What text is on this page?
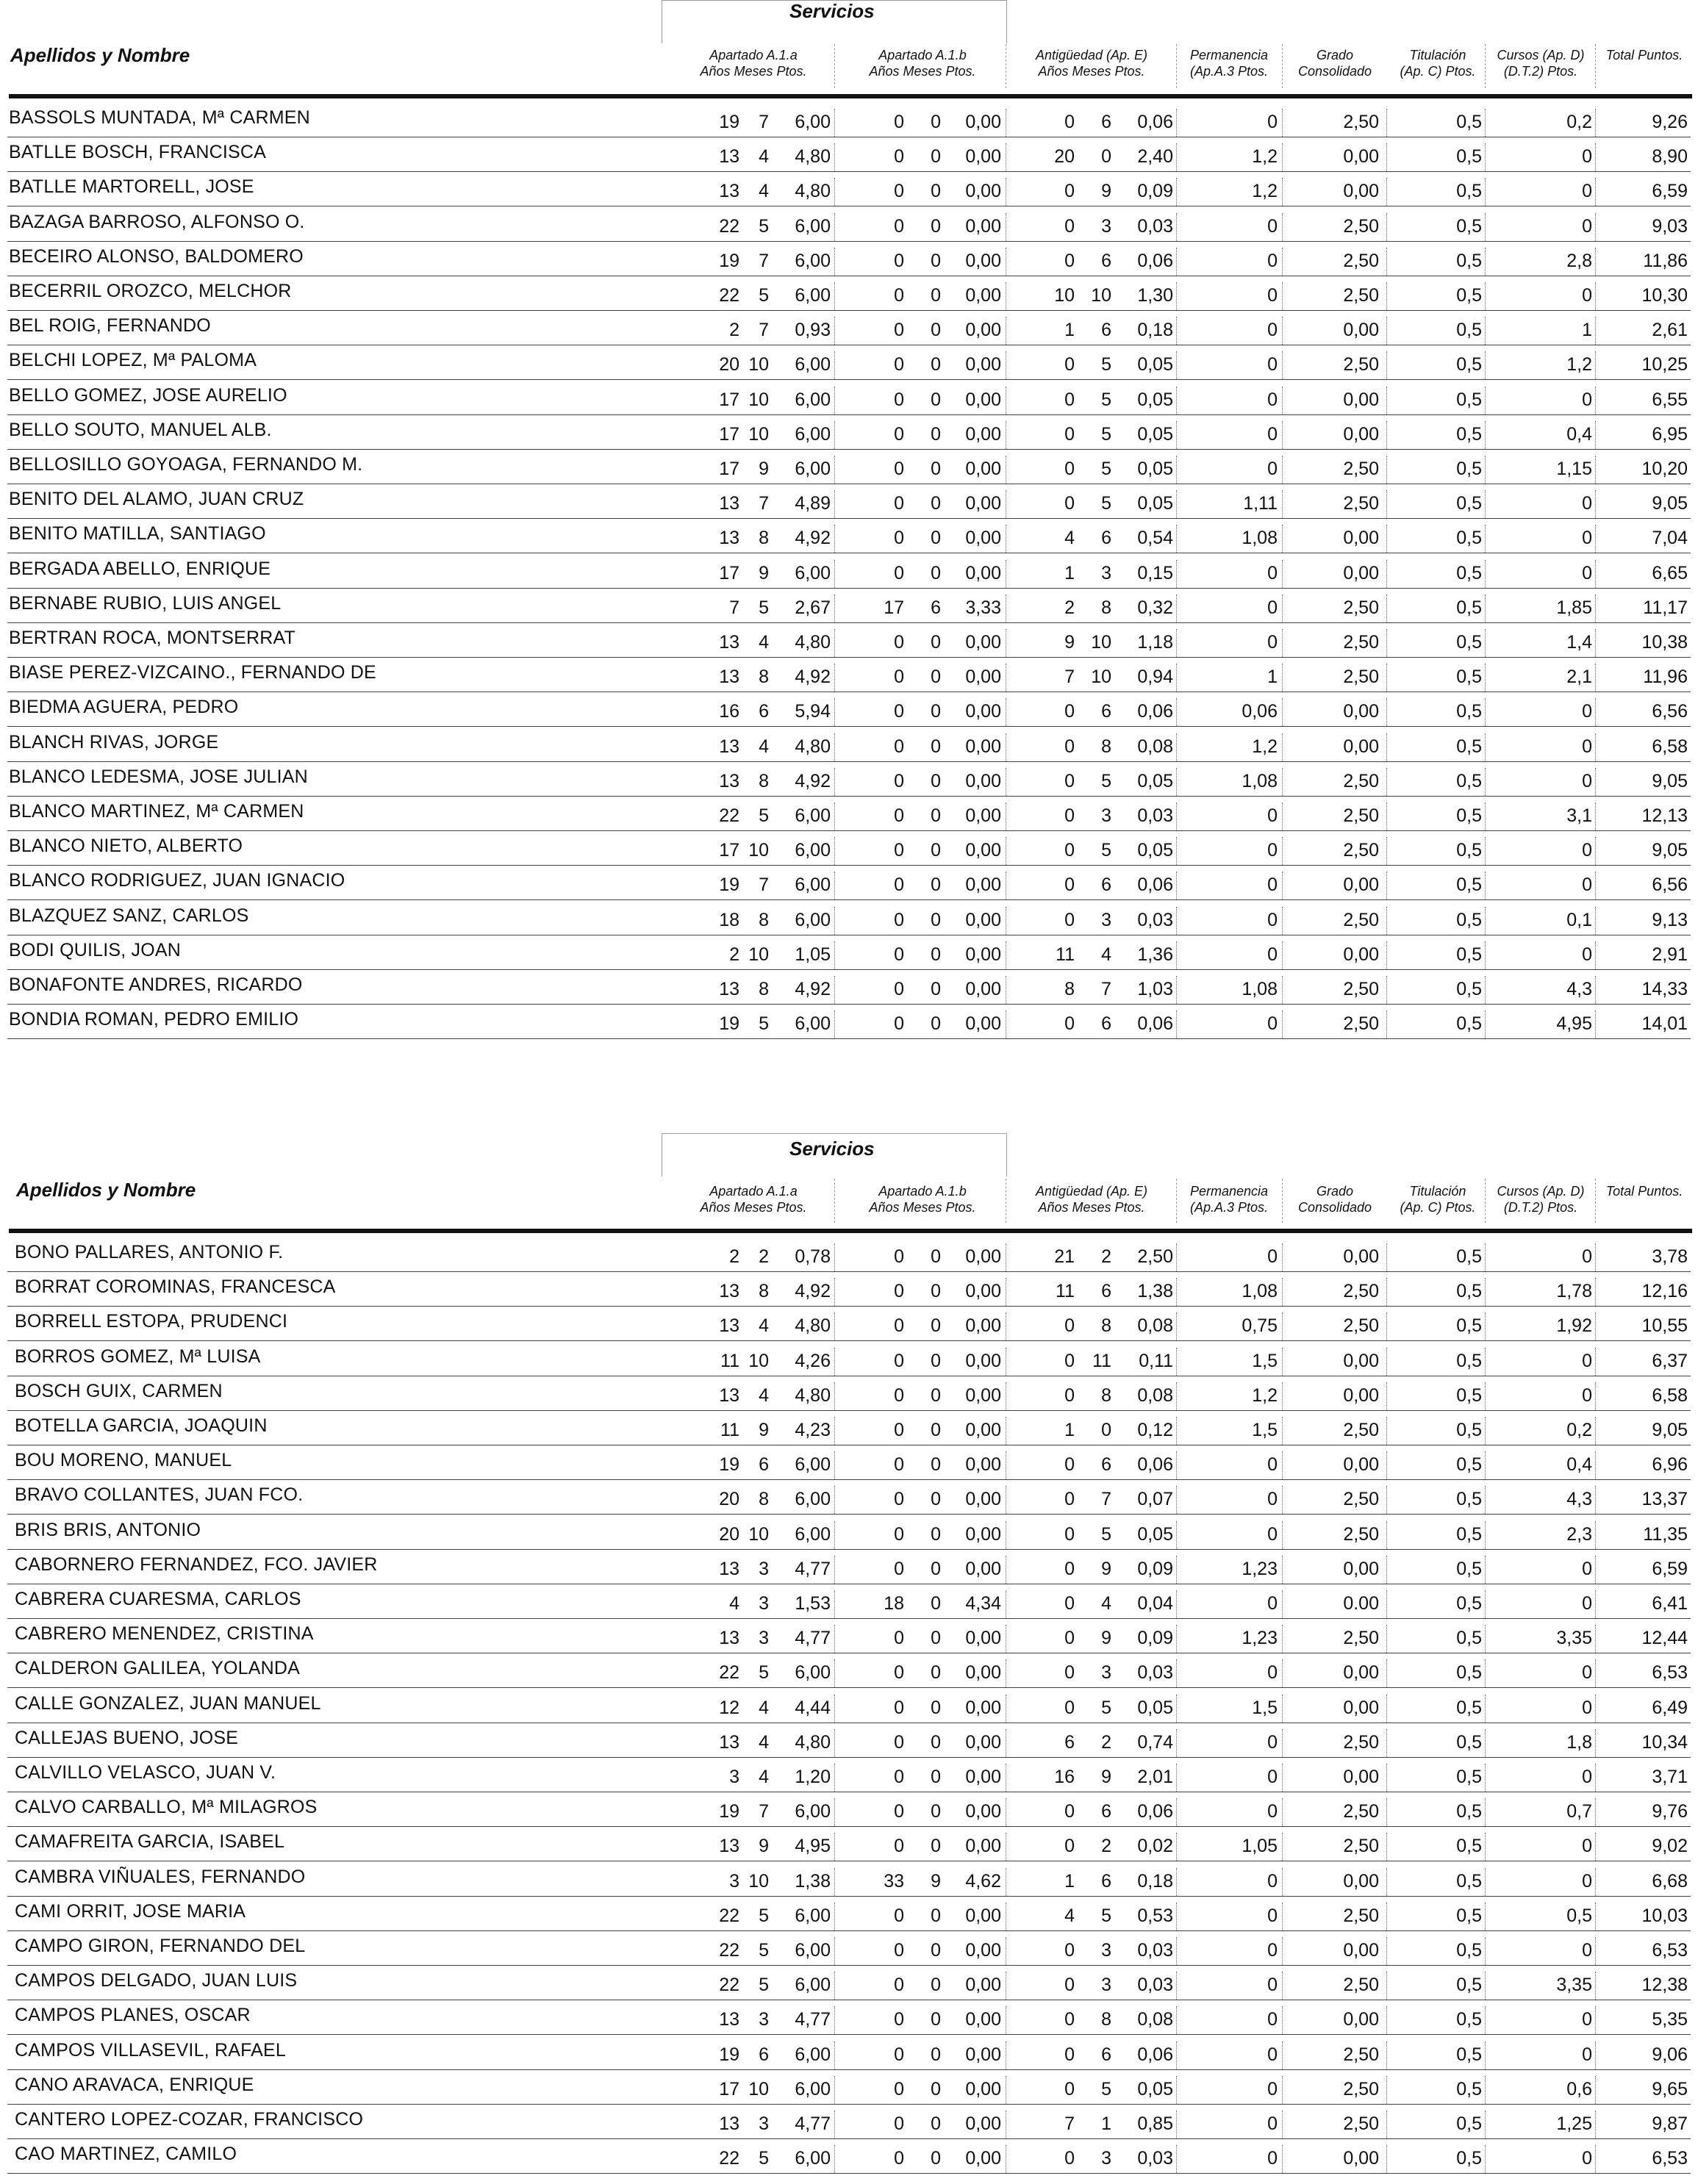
Servicios
Apellidos y Nombre	Apartado A.1.a
Años Meses Ptos.
Apartado A.1.b
Años Meses Ptos.
Antigüedad (Ap. E)
Años Meses Ptos.
Permanencia
(Ap.A.3 Ptos.
Grado
Consolidado
Titulación
(Ap. C) Ptos.
Cursos (Ap. D)
(D.T.2) Ptos.
Total Puntos.
BASSOLS MUNTADA, Mª CARMEN	19	7	6,00	0	0	0,00	0	6	0,06	0	2,50	0,5	0,2	9,26
BATLLE BOSCH, FRANCISCA	13	4	4,80	0	0	0,00	20	0	2,40	1,2	0,00	0,5	0	8,90
BATLLE MARTORELL, JOSE	13	4	4,80	0	0	0,00	0	9	0,09	1,2	0,00	0,5	0	6,59
BAZAGA BARROSO, ALFONSO O.	22	5	6,00	0	0	0,00	0	3	0,03	0	2,50	0,5	0	9,03
BECEIRO ALONSO, BALDOMERO	19	7	6,00	0	0	0,00	0	6	0,06	0	2,50	0,5	2,8	11,86
BECERRIL OROZCO, MELCHOR	22	5	6,00	0	0	0,00	10 10	1,30	0	2,50	0,5	0	10,30
BEL ROIG, FERNANDO	2	7	0,93	0	0	0,00	1	6	0,18	0	0,00	0,5	1	2,61
BELCHI LOPEZ, Mª PALOMA	20 10	6,00	0	0	0,00	0	5	0,05	0	2,50	0,5	1,2	10,25
BELLO GOMEZ, JOSE AURELIO	17 10	6,00	0	0	0,00	0	5	0,05	0	0,00	0,5	0	6,55
BELLO SOUTO, MANUEL ALB.	17 10	6,00	0	0	0,00	0	5	0,05	0	0,00	0,5	0,4	6,95
BELLOSILLO GOYOAGA, FERNANDO M.	17	9	6,00	0	0	0,00	0	5	0,05	0	2,50	0,5	1,15	10,20
BENITO DEL ALAMO, JUAN CRUZ	13	7	4,89	0	0	0,00	0	5	0,05	1,11	2,50	0,5	0	9,05
BENITO MATILLA, SANTIAGO	13	8	4,92	0	0	0,00	4	6	0,54	1,08	0,00	0,5	0	7,04
BERGADA ABELLO, ENRIQUE	17	9	6,00	0	0	0,00	1	3	0,15	0	0,00	0,5	0	6,65
BERNABE RUBIO, LUIS ANGEL	7	5	2,67	17	6	3,33	2	8	0,32	0	2,50	0,5	1,85	11,17
BERTRAN ROCA, MONTSERRAT	13	4	4,80	0	0	0,00	9 10	1,18	0	2,50	0,5	1,4	10,38
BIASE PEREZ-VIZCAINO., FERNANDO DE	13	8	4,92	0	0	0,00	7 10	0,94	1	2,50	0,5	2,1	11,96
BIEDMA AGUERA, PEDRO	16	6	5,94	0	0	0,00	0	6	0,06	0,06	0,00	0,5	0	6,56
BLANCH RIVAS, JORGE	13	4	4,80	0	0	0,00	0	8	0,08	1,2	0,00	0,5	0	6,58
BLANCO LEDESMA, JOSE JULIAN	13	8	4,92	0	0	0,00	0	5	0,05	1,08	2,50	0,5	0	9,05
BLANCO MARTINEZ, Mª CARMEN	22	5	6,00	0	0	0,00	0	3	0,03	0	2,50	0,5	3,1	12,13
BLANCO NIETO, ALBERTO	17 10	6,00	0	0	0,00	0	5	0,05	0	2,50	0,5	0	9,05
BLANCO RODRIGUEZ, JUAN IGNACIO	19	7	6,00	0	0	0,00	0	6	0,06	0	0,00	0,5	0	6,56
BLAZQUEZ SANZ, CARLOS	18	8	6,00	0	0	0,00	0	3	0,03	0	2,50	0,5	0,1	9,13
BODI QUILIS, JOAN	2 10	1,05	0	0	0,00	11	4	1,36	0	0,00	0,5	0	2,91
BONAFONTE ANDRES, RICARDO	13	8	4,92	0	0	0,00	8	7	1,03	1,08	2,50	0,5	4,3	14,33
BONDIA ROMAN, PEDRO EMILIO	19	5	6,00	0	0	0,00	0	6	0,06	0	2,50	0,5	4,95	14,01
Servicios
Apellidos y Nombre	Apartado A.1.a
Años Meses Ptos.
Apartado A.1.b
Años Meses Ptos.
Antigüedad (Ap. E)
Años Meses Ptos.
Permanencia
(Ap.A.3 Ptos.
Grado
Consolidado
Titulación
(Ap. C) Ptos.
Cursos (Ap. D)
(D.T.2) Ptos.
Total Puntos.
BONO PALLARES, ANTONIO F.	2	2	0,78	0	0	0,00	21	2	2,50	0	0,00	0,5	0	3,78
BORRAT COROMINAS, FRANCESCA	13	8	4,92	0	0	0,00	11	6	1,38	1,08	2,50	0,5	1,78	12,16
BORRELL ESTOPA, PRUDENCI	13	4	4,80	0	0	0,00	0	8	0,08	0,75	2,50	0,5	1,92	10,55
BORROS GOMEZ, Mª LUISA	11 10	4,26	0	0	0,00	0 11	0,11	1,5	0,00	0,5	0	6,37
BOSCH GUIX, CARMEN	13	4	4,80	0	0	0,00	0	8	0,08	1,2	0,00	0,5	0	6,58
BOTELLA GARCIA, JOAQUIN	11	9	4,23	0	0	0,00	1	0	0,12	1,5	2,50	0,5	0,2	9,05
BOU MORENO, MANUEL	19	6	6,00	0	0	0,00	0	6	0,06	0	0,00	0,5	0,4	6,96
BRAVO COLLANTES, JUAN FCO.	20	8	6,00	0	0	0,00	0	7	0,07	0	2,50	0,5	4,3	13,37
BRIS BRIS, ANTONIO	20 10	6,00	0	0	0,00	0	5	0,05	0	2,50	0,5	2,3	11,35
CABORNERO FERNANDEZ, FCO. JAVIER	13	3	4,77	0	0	0,00	0	9	0,09	1,23	0,00	0,5	0	6,59
CABRERA CUARESMA, CARLOS	4	3	1,53	18	0	4,34	0	4	0,04	0	0.00	0,5	0	6,41
CABRERO MENENDEZ, CRISTINA	13	3	4,77	0	0	0,00	0	9	0,09	1,23	2,50	0,5	3,35	12,44
CALDERON GALILEA, YOLANDA	22	5	6,00	0	0	0,00	0	3	0,03	0	0,00	0,5	0	6,53
CALLE GONZALEZ, JUAN MANUEL	12	4	4,44	0	0	0,00	0	5	0,05	1,5	0,00	0,5	0	6,49
CALLEJAS BUENO, JOSE	13	4	4,80	0	0	0,00	6	2	0,74	0	2,50	0,5	1,8	10,34
CALVILLO VELASCO, JUAN V.	3	4	1,20	0	0	0,00	16	9	2,01	0	0,00	0,5	0	3,71
CALVO CARBALLO, Mª MILAGROS	19	7	6,00	0	0	0,00	0	6	0,06	0	2,50	0,5	0,7	9,76
CAMAFREITA GARCIA, ISABEL	13	9	4,95	0	0	0,00	0	2	0,02	1,05	2,50	0,5	0	9,02
CAMBRA VIÑUALES, FERNANDO	3 10	1,38	33	9	4,62	1	6	0,18	0	0,00	0,5	0	6,68
CAMI ORRIT, JOSE MARIA	22	5	6,00	0	0	0,00	4	5	0,53	0	2,50	0,5	0,5	10,03
CAMPO GIRON, FERNANDO DEL	22	5	6,00	0	0	0,00	0	3	0,03	0	0,00	0,5	0	6,53
CAMPOS DELGADO, JUAN LUIS	22	5	6,00	0	0	0,00	0	3	0,03	0	2,50	0,5	3,35	12,38
CAMPOS PLANES, OSCAR	13	3	4,77	0	0	0,00	0	8	0,08	0	0,00	0,5	0	5,35
CAMPOS VILLASEVIL, RAFAEL	19	6	6,00	0	0	0,00	0	6	0,06	0	2,50	0,5	0	9,06
CANO ARAVACA, ENRIQUE	17 10	6,00	0	0	0,00	0	5	0,05	0	2,50	0,5	0,6	9,65
CANTERO LOPEZ-COZAR, FRANCISCO	13	3	4,77	0	0	0,00	7	1	0,85	0	2,50	0,5	1,25	9,87
CAO MARTINEZ, CAMILO	22	5	6,00	0	0	0,00	0	3	0,03	0	0,00	0,5	0	6,53
